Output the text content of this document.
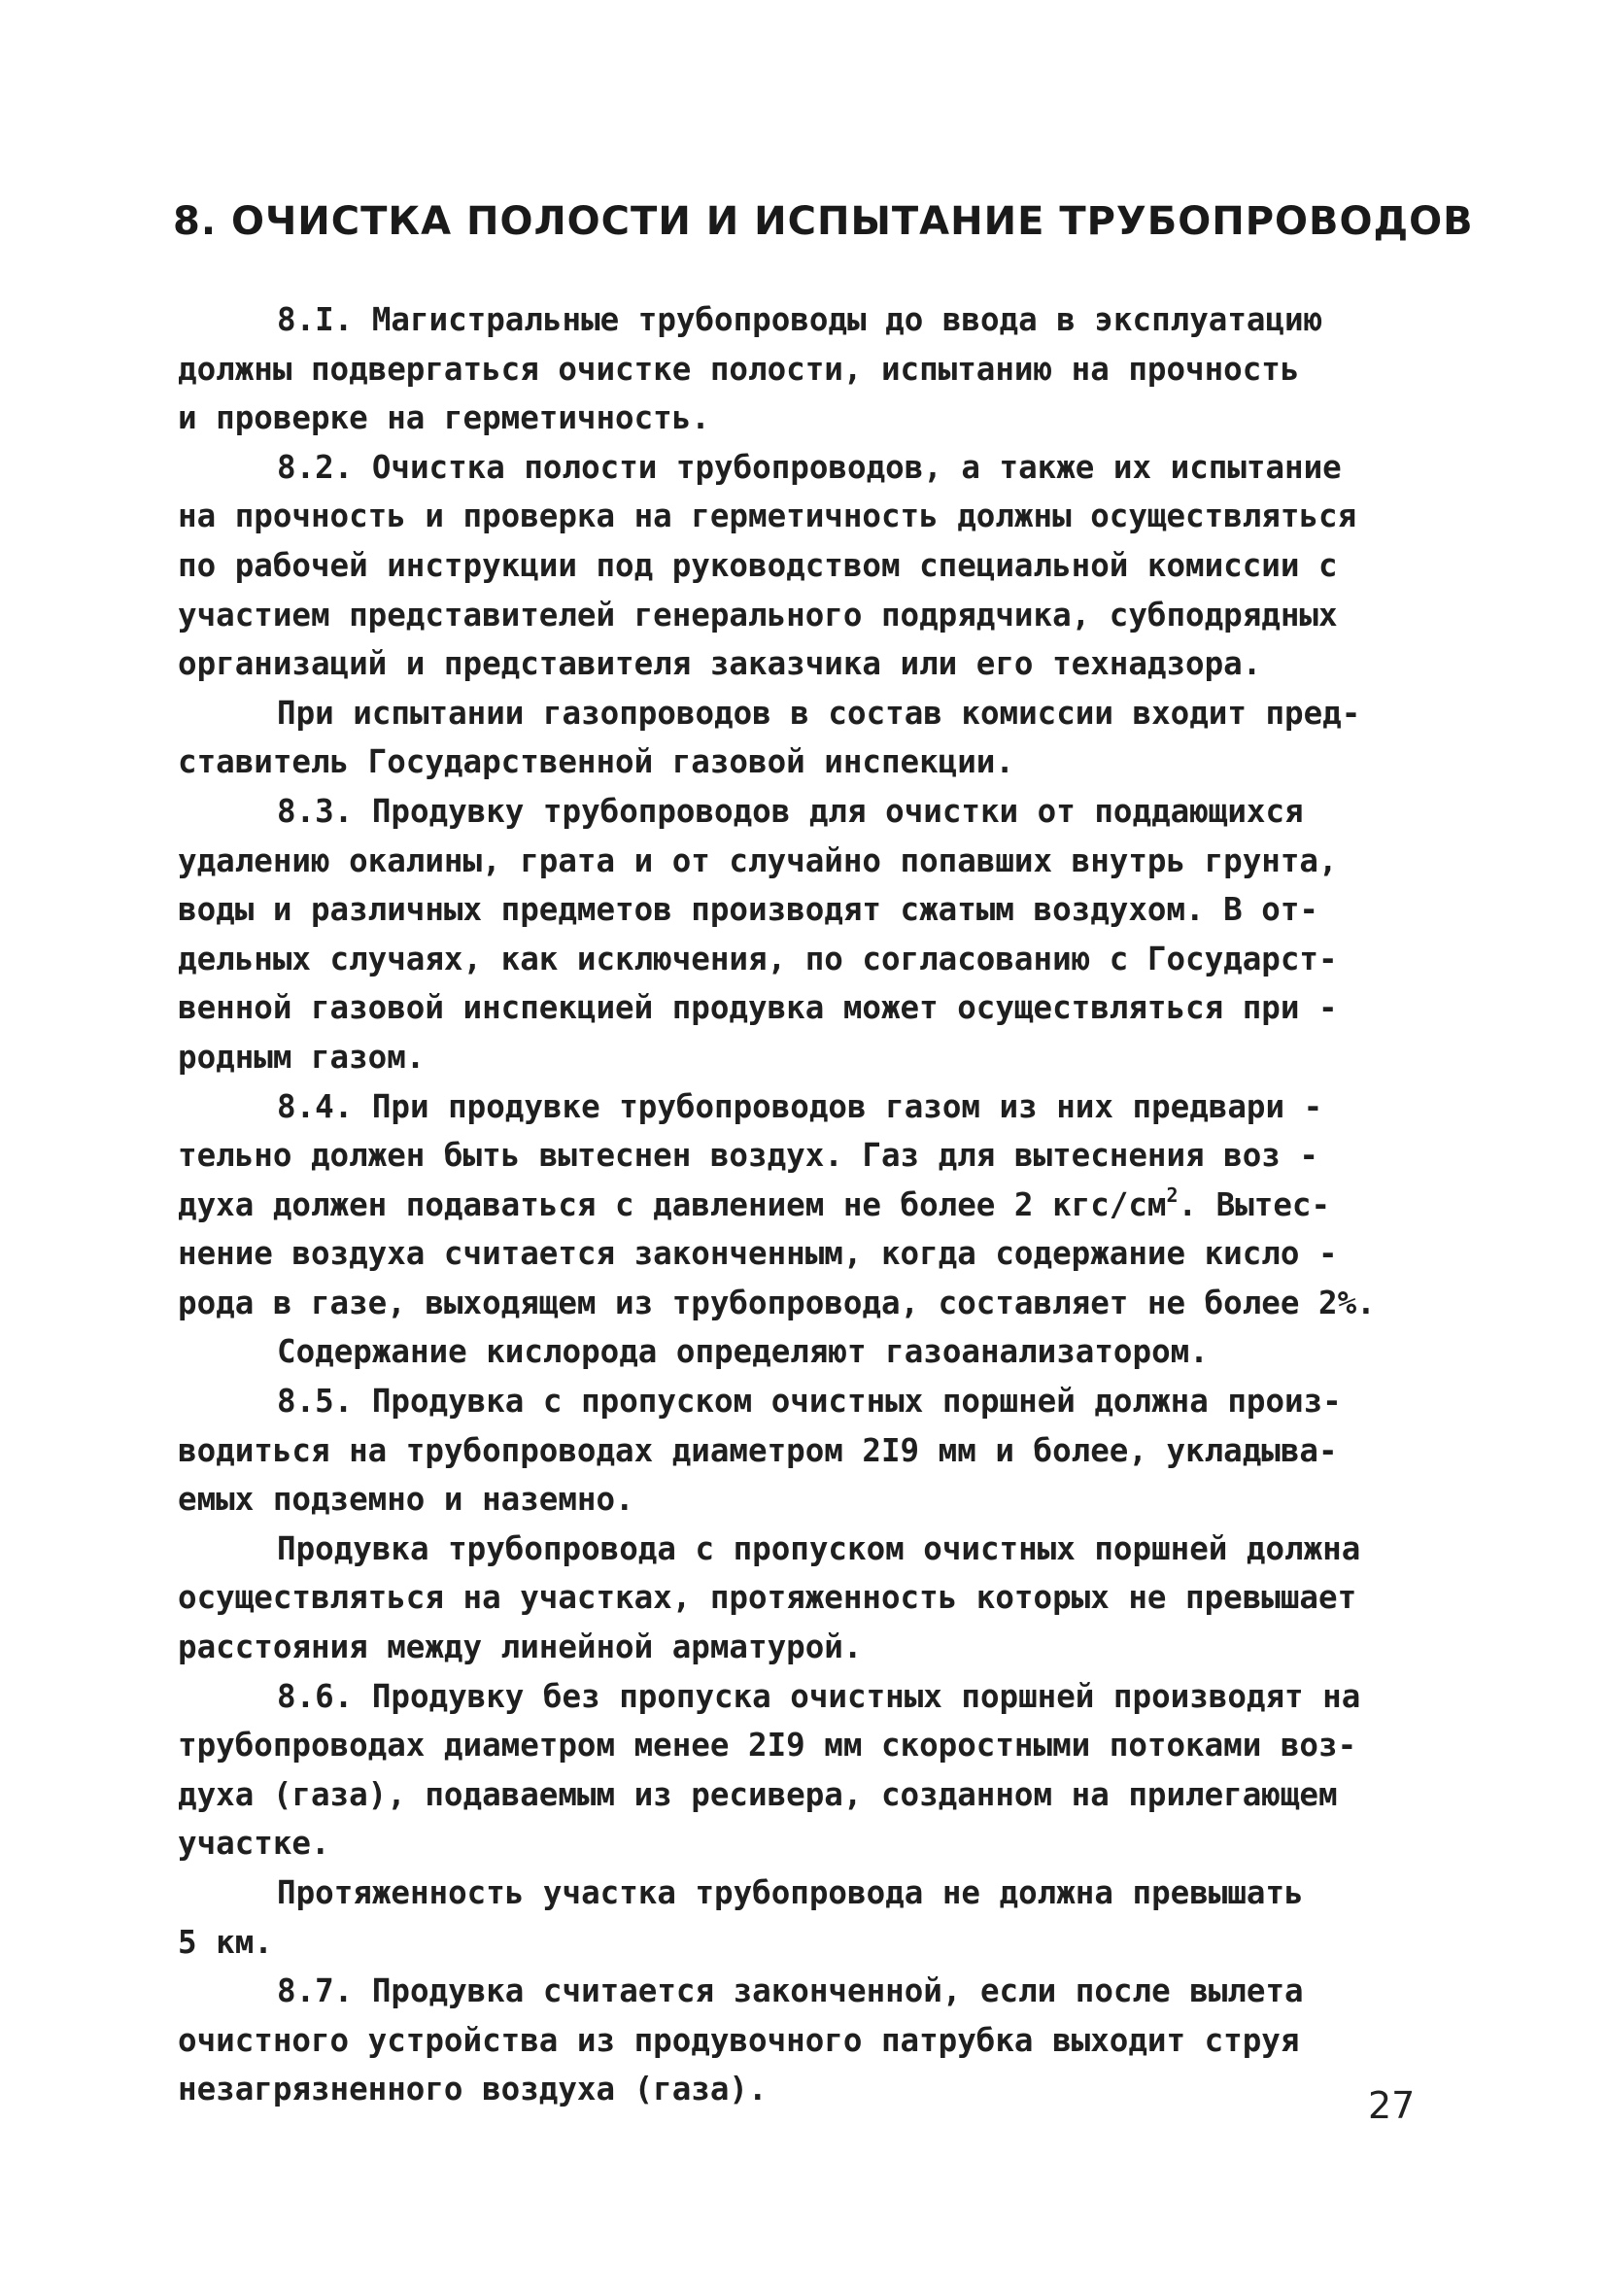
8. ОЧИСТКА ПОЛОСТИ И ИСПЫТАНИЕ ТРУБОПРОВОДОВ
8.I. Магистральные трубопроводы до ввода в эксплуатацию
должны подвергаться очистке полости, испытанию на прочность
и проверке на герметичность.
8.2. Очистка полости трубопроводов, а также их испытание
на прочность и проверка на герметичность должны осуществляться
по рабочей инструкции под руководством специальной комиссии с
участием представителей генерального подрядчика, субподрядных
организаций и представителя заказчика или его технадзора.
При испытании газопроводов в состав комиссии входит пред-
ставитель Государственной газовой инспекции.
8.3. Продувку трубопроводов для очистки от поддающихся
удалению окалины, грата и от случайно попавших внутрь грунта,
воды и различных предметов производят сжатым воздухом. В от-
дельных случаях, как исключения, по согласованию с Государст-
венной газовой инспекцией продувка может осуществляться при -
родным газом.
8.4. При продувке трубопроводов газом из них предвари -
тельно должен быть вытеснен воздух. Газ для вытеснения воз -
духа должен подаваться с давлением не более 2 кгс/$см^2$. Вытес-
нение воздуха считается законченным, когда содержание кисло -
рода в газе, выходящем из трубопровода, составляет не более 2%.
Содержание кислорода определяют газоанализатором.
8.5. Продувка с пропуском очистных поршней должна произ-
водиться на трубопроводах диаметром 2I9 мм и более, укладыва-
емых подземно и наземно.
Продувка трубопровода с пропуском очистных поршней должна
осуществляться на участках, протяженность которых не превышает
расстояния между линейной арматурой.
8.6. Продувку без пропуска очистных поршней производят на
трубопроводах диаметром менее 2I9 мм скоростными потоками воз-
духа (газа), подаваемым из ресивера, созданном на прилегающем
участке.
Протяженность участка трубопровода не должна превышать
5 км.
8.7. Продувка считается законченной, если после вылета
очистного устройства из продувочного патрубка выходит струя
незагрязненного воздуха (газа).	27
